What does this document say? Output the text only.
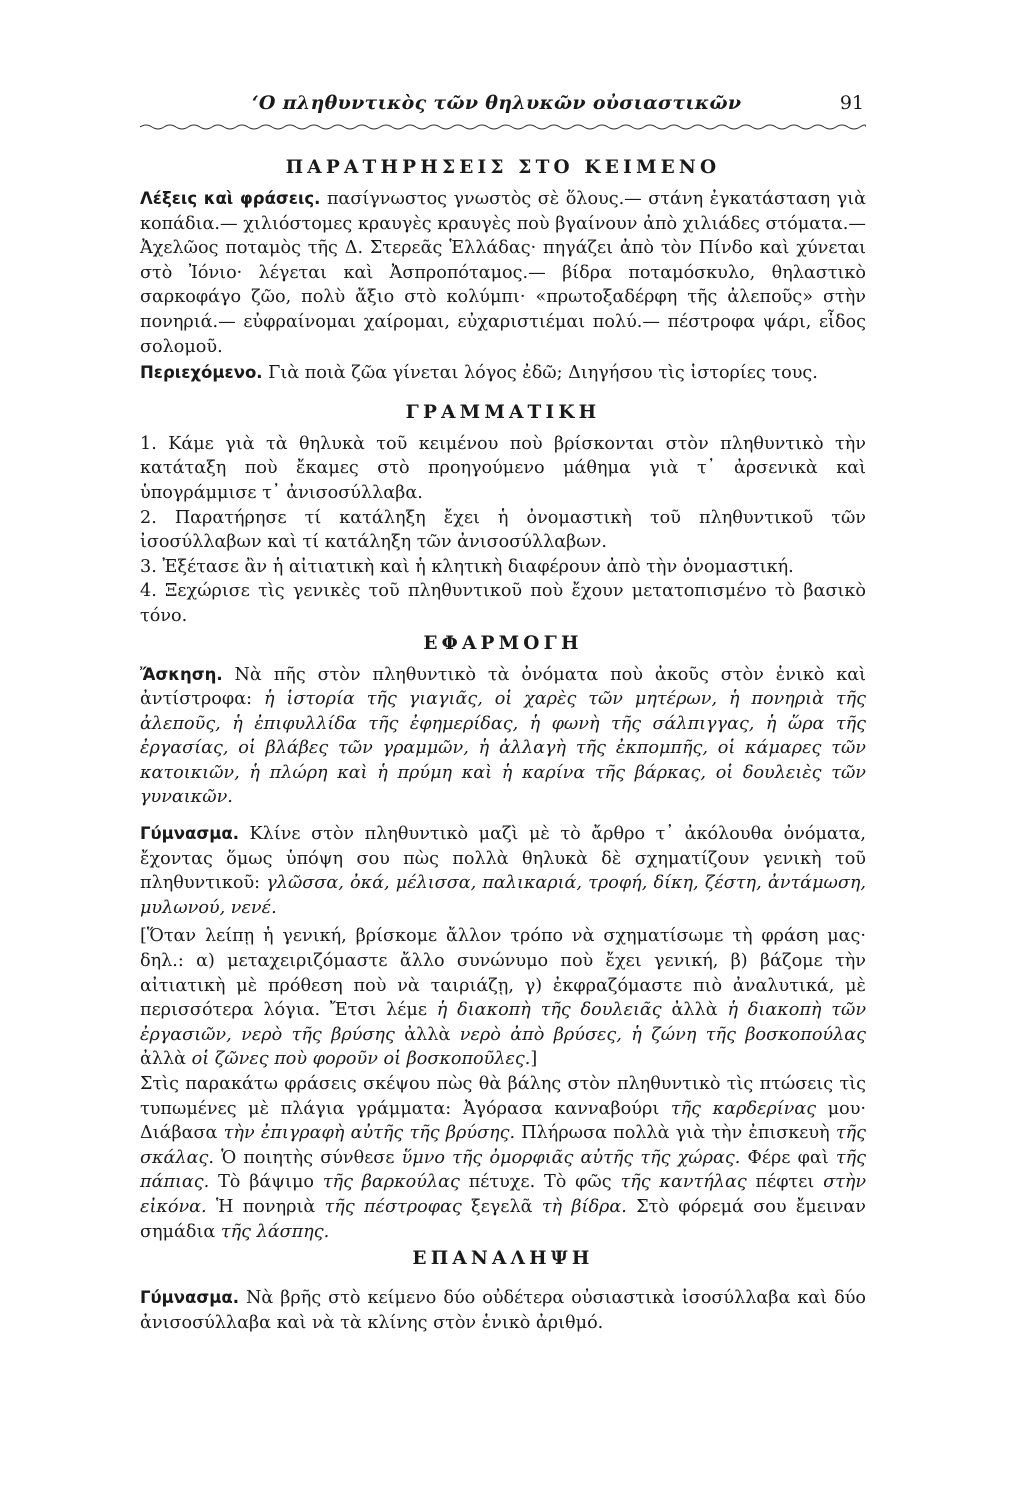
‘Ο πληθυντικὸς τῶν θηλυκῶν οὐσιαστικῶν	91
ΠΑΡΑΤΗΡΗΣΕΙΣ ΣΤΟ ΚΕΙΜΕΝΟ

Λέξεις καὶ φράσεις. πασίγνωστος γνωστὸς σὲ ὅλους.— στάνη ἐγκατάσταση γιὰ κοπάδια.— χιλιόστομες κραυγὲς κραυγὲς ποὺ βγαίνουν ἀπὸ χιλιάδες στόματα.— Ἀχελῶος ποταμὸς τῆς Δ. Στερεᾶς Ἑλλάδας· πηγάζει ἀπὸ τὸν Πίνδο καὶ χύνεται στὸ Ἰόνιο· λέγεται καὶ Ἀσπροπόταμος.— βίδρα ποταμόσκυλο, θηλαστικὸ σαρκοφάγο ζῶο, πολὺ ἄξιο στὸ κολύμπι· «πρωτοξαδέρφη τῆς ἀλεποῦς» στὴν πονηριά.— εὐφραίνομαι χαίρομαι, εὐχαριστιέμαι πολύ.— πέστροφα ψάρι, εἶδος σολομοῦ.

Περιεχόμενο. Γιὰ ποιὰ ζῶα γίνεται λόγος ἐδῶ; Διηγήσου τὶς ἱστορίες τους.

ΓΡΑΜΜΑΤΙΚΗ

1. Κάμε γιὰ τὰ θηλυκὰ τοῦ κειμένου ποὺ βρίσκονται στὸν πληθυντικὸ τὴν κατάταξη ποὺ ἔκαμες στὸ προηγούμενο μάθημα γιὰ τ᾽ ἀρσενικὰ καὶ ὑπογράμμισε τ᾽ ἀνισοσύλλαβα.

2. Παρατήρησε τί κατάληξη ἔχει ἡ ὀνομαστικὴ τοῦ πληθυντικοῦ τῶν ἰσοσύλλαβων καὶ τί κατάληξη τῶν ἀνισοσύλλαβων.

3. Ἐξέτασε ἂν ἡ αἰτιατικὴ καὶ ἡ κλητικὴ διαφέρουν ἀπὸ τὴν ὀνομαστική.

4. Ξεχώρισε τὶς γενικὲς τοῦ πληθυντικοῦ ποὺ ἔχουν μετατοπισμένο τὸ βασικὸ τόνο.

ΕΦΑΡΜΟΓΗ

Ἄσκηση. Νὰ πῆς στὸν πληθυντικὸ τὰ ὀνόματα ποὺ ἀκοῦς στὸν ἑνικὸ καὶ ἀντίστροφα: ἡ ἱστορία τῆς γιαγιᾶς, οἱ χαρὲς τῶν μητέρων, ἡ πονηριὰ τῆς ἀλεποῦς, ἡ ἐπιφυλλίδα τῆς ἐφημερίδας, ἡ φωνὴ τῆς σάλπιγγας, ἡ ὥρα τῆς ἐργασίας, οἱ βλάβες τῶν γραμμῶν, ἡ ἀλλαγὴ τῆς ἐκπομπῆς, οἱ κάμαρες τῶν κατοικιῶν, ἡ πλώρη καὶ ἡ πρύμη καὶ ἡ καρίνα τῆς βάρκας, οἱ δουλειὲς τῶν γυναικῶν.

Γύμνασμα. Κλίνε στὸν πληθυντικὸ μαζὶ μὲ τὸ ἄρθρο τ᾽ ἀκόλουθα ὀνόματα, ἔχοντας ὅμως ὑπόψη σου πὼς πολλὰ θηλυκὰ δὲ σχηματίζουν γενικὴ τοῦ πληθυντικοῦ: γλῶσσα, ὀκά, μέλισσα, παλικαριά, τροφή, δίκη, ζέστη, ἀντάμωση, μυλωνού, νενέ.

[Ὅταν λείπῃ ἡ γενική, βρίσκομε ἄλλον τρόπο νὰ σχηματίσωμε τὴ φράση μας· δηλ.: α) μεταχειριζόμαστε ἄλλο συνώνυμο ποὺ ἔχει γενική, β) βάζομε τὴν αἰτιατικὴ μὲ πρόθεση ποὺ νὰ ταιριάζῃ, γ) ἐκφραζόμαστε πιὸ ἀναλυτικά, μὲ περισσότερα λόγια. Ἔτσι λέμε ἡ διακοπὴ τῆς δουλειᾶς ἀλλὰ ἡ διακοπὴ τῶν ἐργασιῶν, νερὸ τῆς βρύσης ἀλλὰ νερὸ ἀπὸ βρύσες, ἡ ζώνη τῆς βοσκοπούλας ἀλλὰ οἱ ζῶνες ποὺ φοροῦν οἱ βοσκοποῦλες.]

Στὶς παρακάτω φράσεις σκέψου πὼς θὰ βάλης στὸν πληθυντικὸ τὶς πτώσεις τὶς τυπωμένες μὲ πλάγια γράμματα: Ἀγόρασα κανναβούρι τῆς καρδερίνας μου· Διάβασα τὴν ἐπιγραφὴ αὐτῆς τῆς βρύσης. Πλήρωσα πολλὰ γιὰ τὴν ἐπισκευὴ τῆς σκάλας. Ὁ ποιητὴς σύνθεσε ὕμνο τῆς ὀμορφιᾶς αὐτῆς τῆς χώρας. Φέρε φαὶ τῆς πάπιας. Τὸ βάψιμο τῆς βαρκούλας πέτυχε. Τὸ φῶς τῆς καντήλας πέφτει στὴν εἰκόνα. Ἡ πονηριὰ τῆς πέστροφας ξεγελᾶ τὴ βίδρα. Στὸ φόρεμά σου ἔμειναν σημάδια τῆς λάσπης.

ΕΠΑΝΑΛΗΨΗ

Γύμνασμα. Νὰ βρῆς στὸ κείμενο δύο οὐδέτερα οὐσιαστικὰ ἰσοσύλλαβα καὶ δύο ἀνισοσύλλαβα καὶ νὰ τὰ κλίνης στὸν ἑνικὸ ἀριθμό.
